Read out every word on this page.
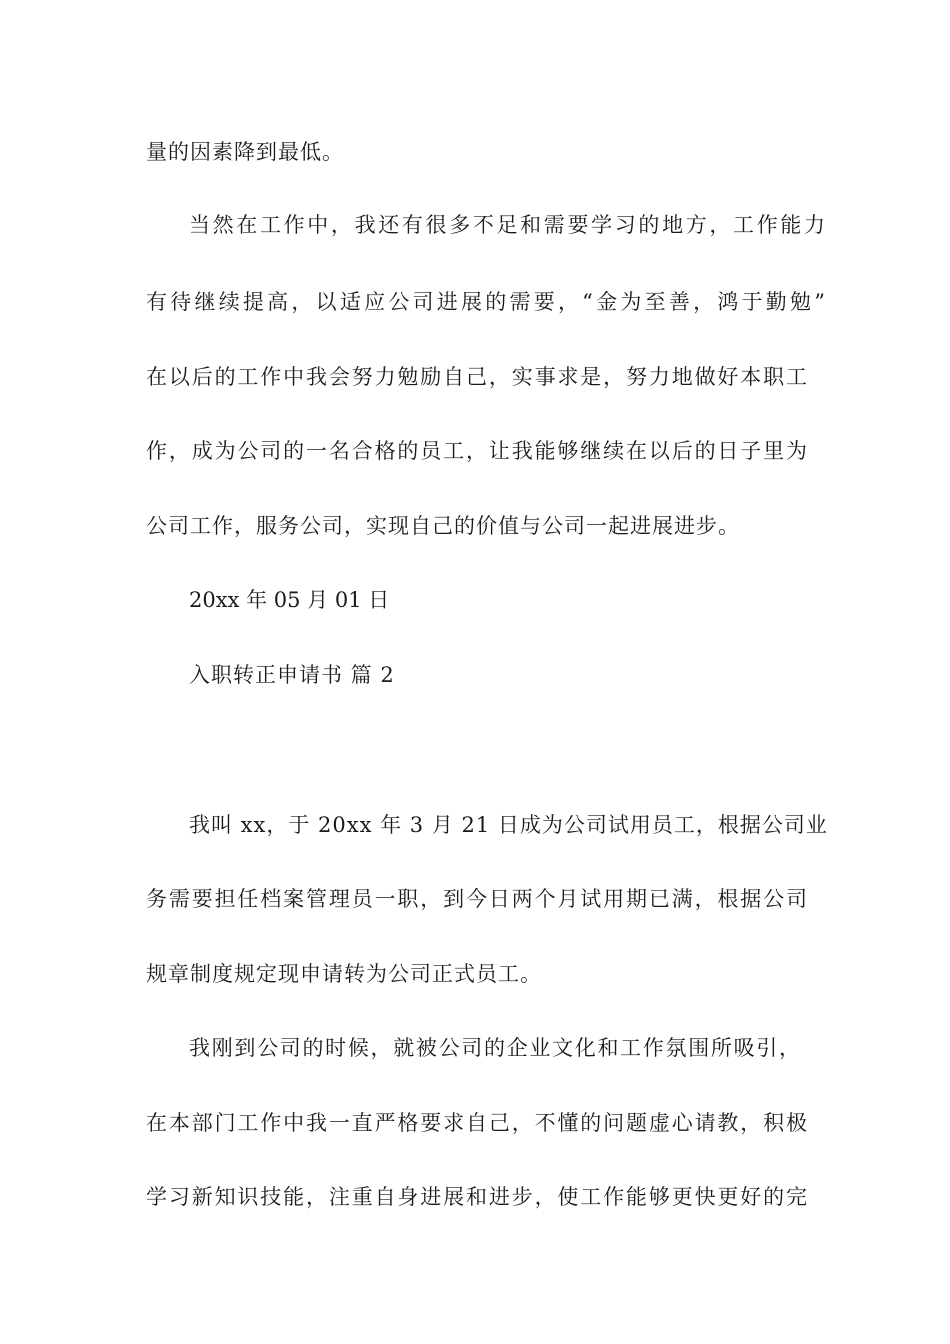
量的因素降到最低。
当然在工作中，我还有很多不足和需要学习的地方，工作能力
有待继续提高，以适应公司进展的需要，“金为至善，鸿于勤勉”
在以后的工作中我会努力勉励自己，实事求是，努力地做好本职工
作，成为公司的一名合格的员工，让我能够继续在以后的日子里为
公司工作，服务公司，实现自己的价值与公司一起进展进步。
20xx 年 05 月 01 日
入职转正申请书 篇 2
我叫 xx，于 20xx 年 3 月 21 日成为公司试用员工，根据公司业
务需要担任档案管理员一职，到今日两个月试用期已满，根据公司
规章制度规定现申请转为公司正式员工。
我刚到公司的时候，就被公司的企业文化和工作氛围所吸引，
在本部门工作中我一直严格要求自己，不懂的问题虚心请教，积极
学习新知识技能，注重自身进展和进步，使工作能够更快更好的完
